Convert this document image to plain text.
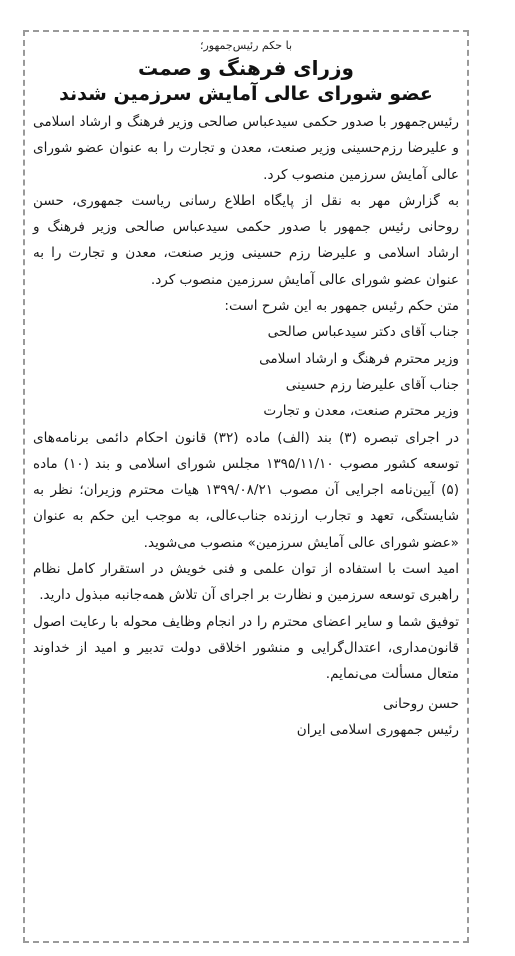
با حکم رئیس‌جمهور؛
وزرای فرهنگ و صمت
عضو شورای عالی آمایش سرزمین شدند

رئیس‌جمهور با صدور حکمی سیدعباس صالحی وزیر فرهنگ و ارشاد اسلامی و علیرضا رزم‌حسینی وزیر صنعت، معدن و تجارت را به عنوان عضو شورای عالی آمایش سرزمین منصوب کرد.

به گزارش مهر به نقل از پایگاه اطلاع رسانی ریاست جمهوری، حسن روحانی رئیس جمهور با صدور حکمی سیدعباس صالحی وزیر فرهنگ و ارشاد اسلامی و علیرضا رزم حسینی وزیر صنعت، معدن و تجارت را به عنوان عضو شورای عالی آمایش سرزمین منصوب کرد.

متن حکم رئیس جمهور به این شرح است:

جناب آقای دکتر سیدعباس صالحی

وزیر محترم فرهنگ و ارشاد اسلامی

جناب آقای علیرضا رزم حسینی

وزیر محترم صنعت، معدن و تجارت

در اجرای تبصره (۳) بند (الف) ماده (۳۲) قانون احکام دائمی برنامه‌های توسعه کشور مصوب ۱۳۹۵/۱۱/۱۰ مجلس شورای اسلامی و بند (۱۰) ماده (۵) آیین‌نامه اجرایی آن مصوب ۱۳۹۹/۰۸/۲۱ هیات محترم وزیران؛ نظر به شایستگی، تعهد و تجارب ارزنده جناب‌عالی، به موجب این حکم به عنوان «عضو شورای عالی آمایش سرزمین» منصوب می‌شوید.

امید است با استفاده از توان علمی و فنی خویش در استقرار کامل نظام راهبری توسعه سرزمین و نظارت بر اجرای آن تلاش همه‌جانبه مبذول دارید.

توفیق شما و سایر اعضای محترم را در انجام وظایف محوله با رعایت اصول قانون‌مداری، اعتدال‌گرایی و منشور اخلاقی دولت تدبیر و امید از خداوند متعال مسألت می‌نمایم.

حسن روحانی
رئیس جمهوری اسلامی ایران
